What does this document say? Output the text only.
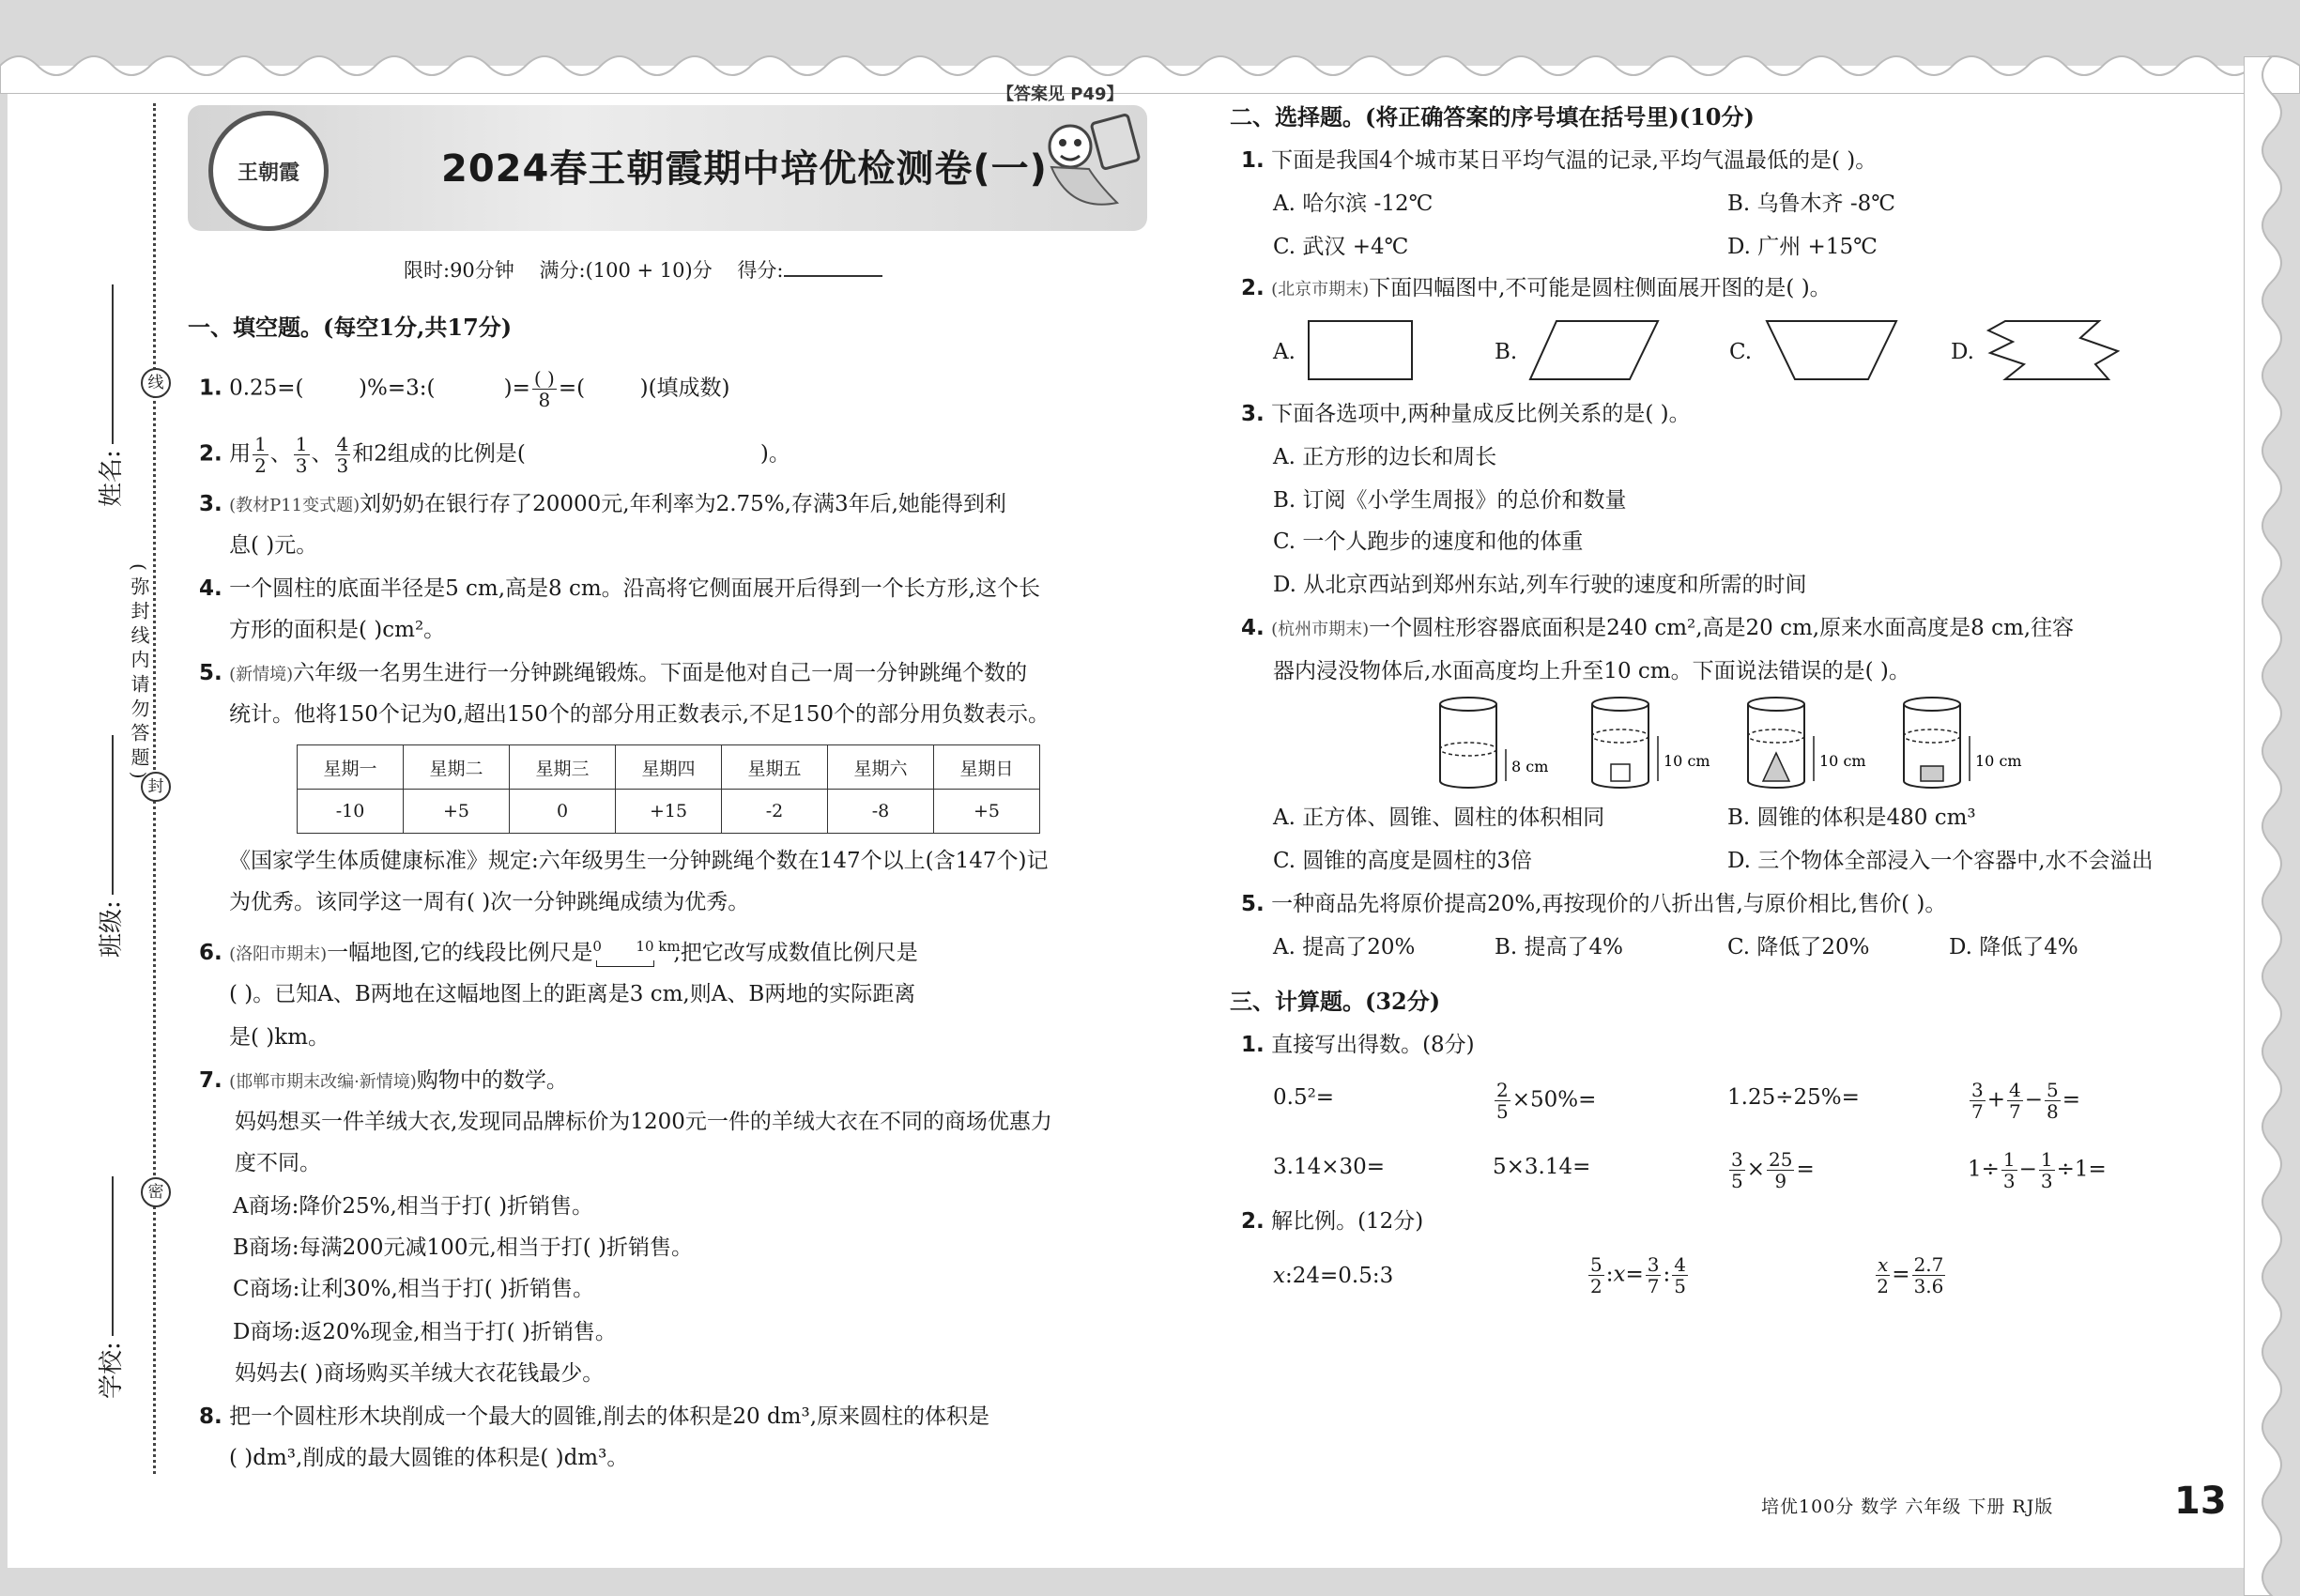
线
封
密
姓名:
班级:
学校:
(弥封线内请勿答题)
王朝霞	2024春王朝霞期中培优检测卷(一)
【答案见 P49】
限时:90分钟 满分:(100 + 10)分 得分:
一、填空题。(每空1分,共17分)
1. 0.25=(	)%=3:(	)= $\frac{( )}{8}$ =(	)(填成数)
2. 用 $\frac{1}{2}$ 、 $\frac{1}{3}$ 、 $\frac{4}{3}$ 和2组成的比例是(	)。
3. (教材P11变式题)刘奶奶在银行存了20000元,年利率为2.75%,存满3年后,她能得到利
息( )元。
4. 一个圆柱的底面半径是5 cm,高是8 cm。沿高将它侧面展开后得到一个长方形,这个长
方形的面积是( )cm²。
5. (新情境)六年级一名男生进行一分钟跳绳锻炼。下面是他对自己一周一分钟跳绳个数的
统计。他将150个记为0,超出150个的部分用正数表示,不足150个的部分用负数表示。
星期一	星期二	星期三	星期四	星期五	星期六	星期日
-10	+5	0	+15	-2	-8	+5
《国家学生体质健康标准》规定:六年级男生一分钟跳绳个数在147个以上(含147个)记
为优秀。该同学这一周有( )次一分钟跳绳成绩为优秀。
6. (洛阳市期末)一幅地图,它的线段比例尺是 0 10 km
,把它改写成数值比例尺是
( )。已知A、B两地在这幅地图上的距离是3 cm,则A、B两地的实际距离
是( )km。
7. (邯郸市期末改编·新情境)购物中的数学。
妈妈想买一件羊绒大衣,发现同品牌标价为1200元一件的羊绒大衣在不同的商场优惠力
度不同。
A商场:降价25%,相当于打( )折销售。
B商场:每满200元减100元,相当于打( )折销售。
C商场:让利30%,相当于打( )折销售。
D商场:返20%现金,相当于打( )折销售。
妈妈去( )商场购买羊绒大衣花钱最少。
8. 把一个圆柱形木块削成一个最大的圆锥,削去的体积是20 dm³,原来圆柱的体积是
( )dm³,削成的最大圆锥的体积是( )dm³。
二、选择题。(将正确答案的序号填在括号里)(10分)
1. 下面是我国4个城市某日平均气温的记录,平均气温最低的是( )。
A. 哈尔滨 -12℃	B. 乌鲁木齐 -8℃
C. 武汉 +4℃	D. 广州 +15℃
2. (北京市期末)下面四幅图中,不可能是圆柱侧面展开图的是( )。
A.	B.	C.	D.
3. 下面各选项中,两种量成反比例关系的是( )。
A. 正方形的边长和周长
B. 订阅《小学生周报》的总价和数量
C. 一个人跑步的速度和他的体重
D. 从北京西站到郑州东站,列车行驶的速度和所需的时间
4. (杭州市期末)一个圆柱形容器底面积是240 cm²,高是20 cm,原来水面高度是8 cm,往容
器内浸没物体后,水面高度均上升至10 cm。下面说法错误的是( )。
8 cm	10 cm	10 cm	10 cm
A. 正方体、圆锥、圆柱的体积相同	B. 圆锥的体积是480 cm³
C. 圆锥的高度是圆柱的3倍	D. 三个物体全部浸入一个容器中,水不会溢出
5. 一种商品先将原价提高20%,再按现价的八折出售,与原价相比,售价( )。
A. 提高了20%	B. 提高了4%	C. 降低了20%	D. 降低了4%
三、计算题。(32分)
1. 直接写出得数。(8分)
0.5²=	$\frac{2}{5} \times 50\%=$	1.25÷25%=	$\frac{3}{7} + \frac{4}{7} - \frac{5}{8}$ =
3.14×30=	5×3.14=	$\frac{3}{5} \times \frac{25}{9}$ =	$1\div \frac{1}{3} - \frac{1}{3} \div 1=$
2. 解比例。(12分)
x:24=0.5:3	$\frac{5}{2}$ :x= $\frac{3}{7}$ : $\frac{4}{5}$	$\frac{x}{2} = \frac{2.7}{3.6}$
培优100分 数学 六年级 下册 RJ版	13
